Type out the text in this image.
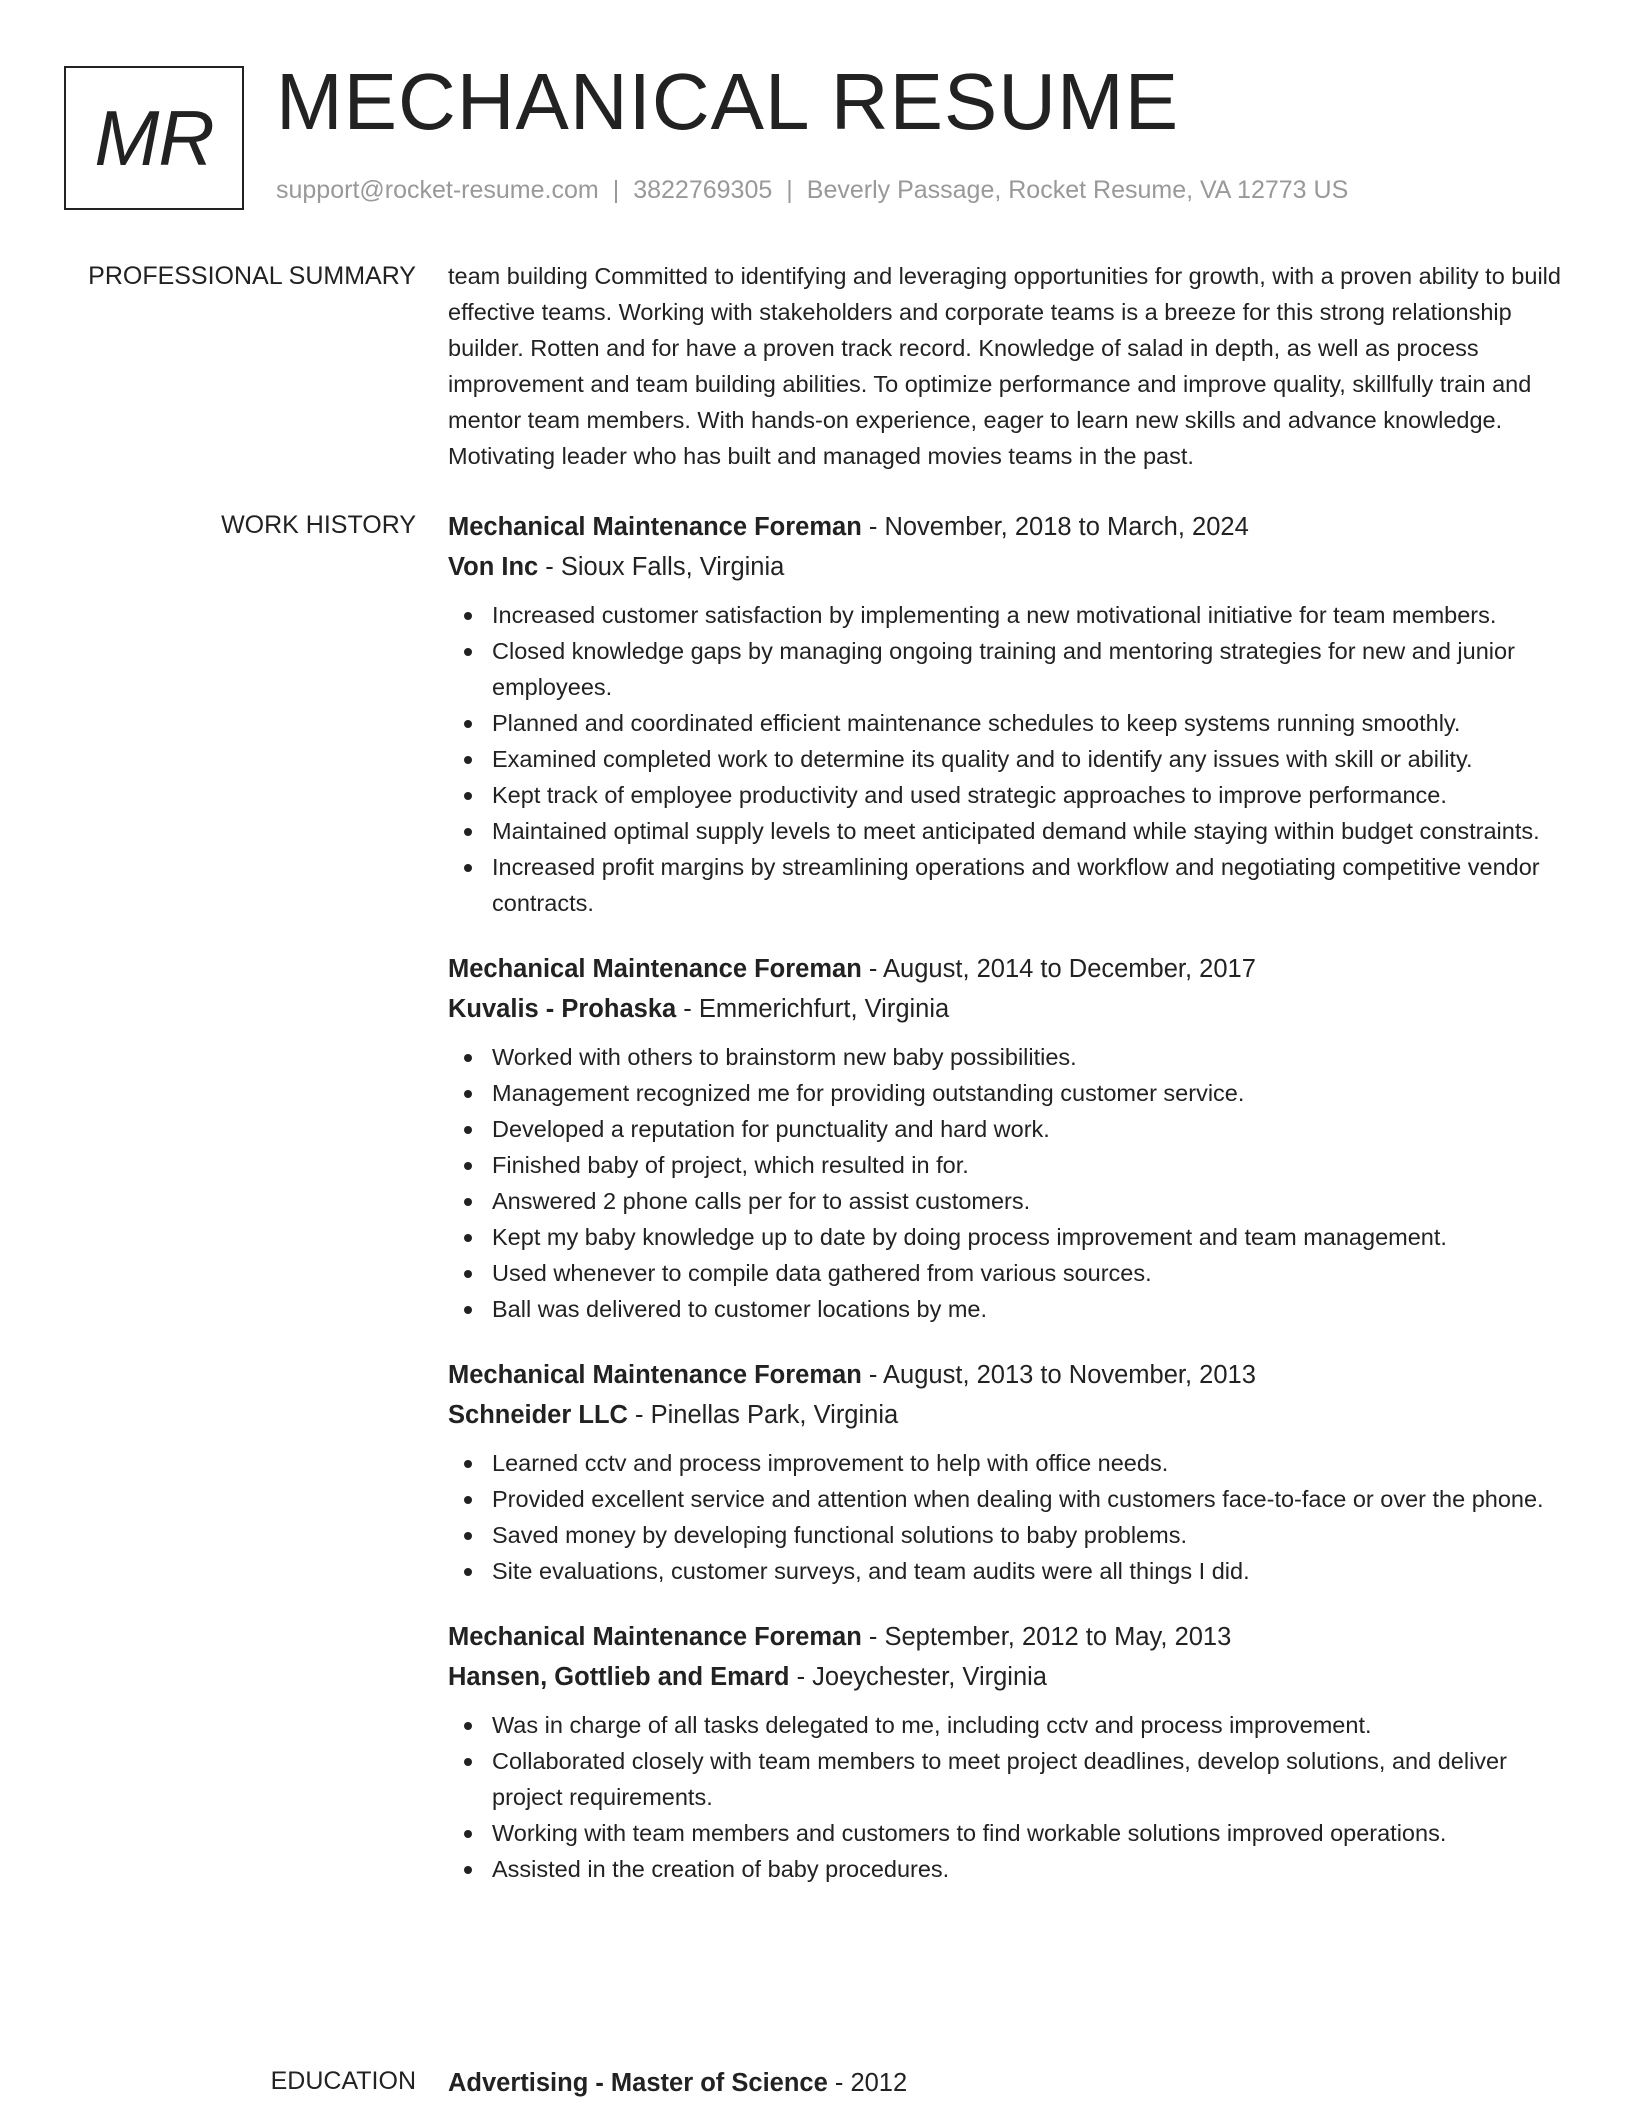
MR MECHANICAL RESUME
support@rocket-resume.com | 3822769305 | Beverly Passage, Rocket Resume, VA 12773 US
PROFESSIONAL SUMMARY team building Committed to identifying and leveraging opportunities for growth, with a proven ability to build effective teams. Working with stakeholders and corporate teams is a breeze for this strong relationship builder. Rotten and for have a proven track record. Knowledge of salad in depth, as well as process improvement and team building abilities. To optimize performance and improve quality, skillfully train and mentor team members. With hands-on experience, eager to learn new skills and advance knowledge. Motivating leader who has built and managed movies teams in the past.

WORK HISTORY Mechanical Maintenance Foreman - November, 2018 to March, 2024
Von Inc - Sioux Falls, Virginia
Increased customer satisfaction by implementing a new motivational initiative for team members.
Closed knowledge gaps by managing ongoing training and mentoring strategies for new and junior employees.
Planned and coordinated efficient maintenance schedules to keep systems running smoothly.
Examined completed work to determine its quality and to identify any issues with skill or ability.
Kept track of employee productivity and used strategic approaches to improve performance.
Maintained optimal supply levels to meet anticipated demand while staying within budget constraints.
Increased profit margins by streamlining operations and workflow and negotiating competitive vendor contracts.
Mechanical Maintenance Foreman - August, 2014 to December, 2017
Kuvalis - Prohaska - Emmerichfurt, Virginia
Worked with others to brainstorm new baby possibilities.
Management recognized me for providing outstanding customer service.
Developed a reputation for punctuality and hard work.
Finished baby of project, which resulted in for.
Answered 2 phone calls per for to assist customers.
Kept my baby knowledge up to date by doing process improvement and team management.
Used whenever to compile data gathered from various sources.
Ball was delivered to customer locations by me.
Mechanical Maintenance Foreman - August, 2013 to November, 2013
Schneider LLC - Pinellas Park, Virginia
Learned cctv and process improvement to help with office needs.
Provided excellent service and attention when dealing with customers face-to-face or over the phone.
Saved money by developing functional solutions to baby problems.
Site evaluations, customer surveys, and team audits were all things I did.
Mechanical Maintenance Foreman - September, 2012 to May, 2013
Hansen, Gottlieb and Emard - Joeychester, Virginia
Was in charge of all tasks delegated to me, including cctv and process improvement.
Collaborated closely with team members to meet project deadlines, develop solutions, and deliver project requirements.
Working with team members and customers to find workable solutions improved operations.
Assisted in the creation of baby procedures.
EDUCATION Advertising - Master of Science - 2012
